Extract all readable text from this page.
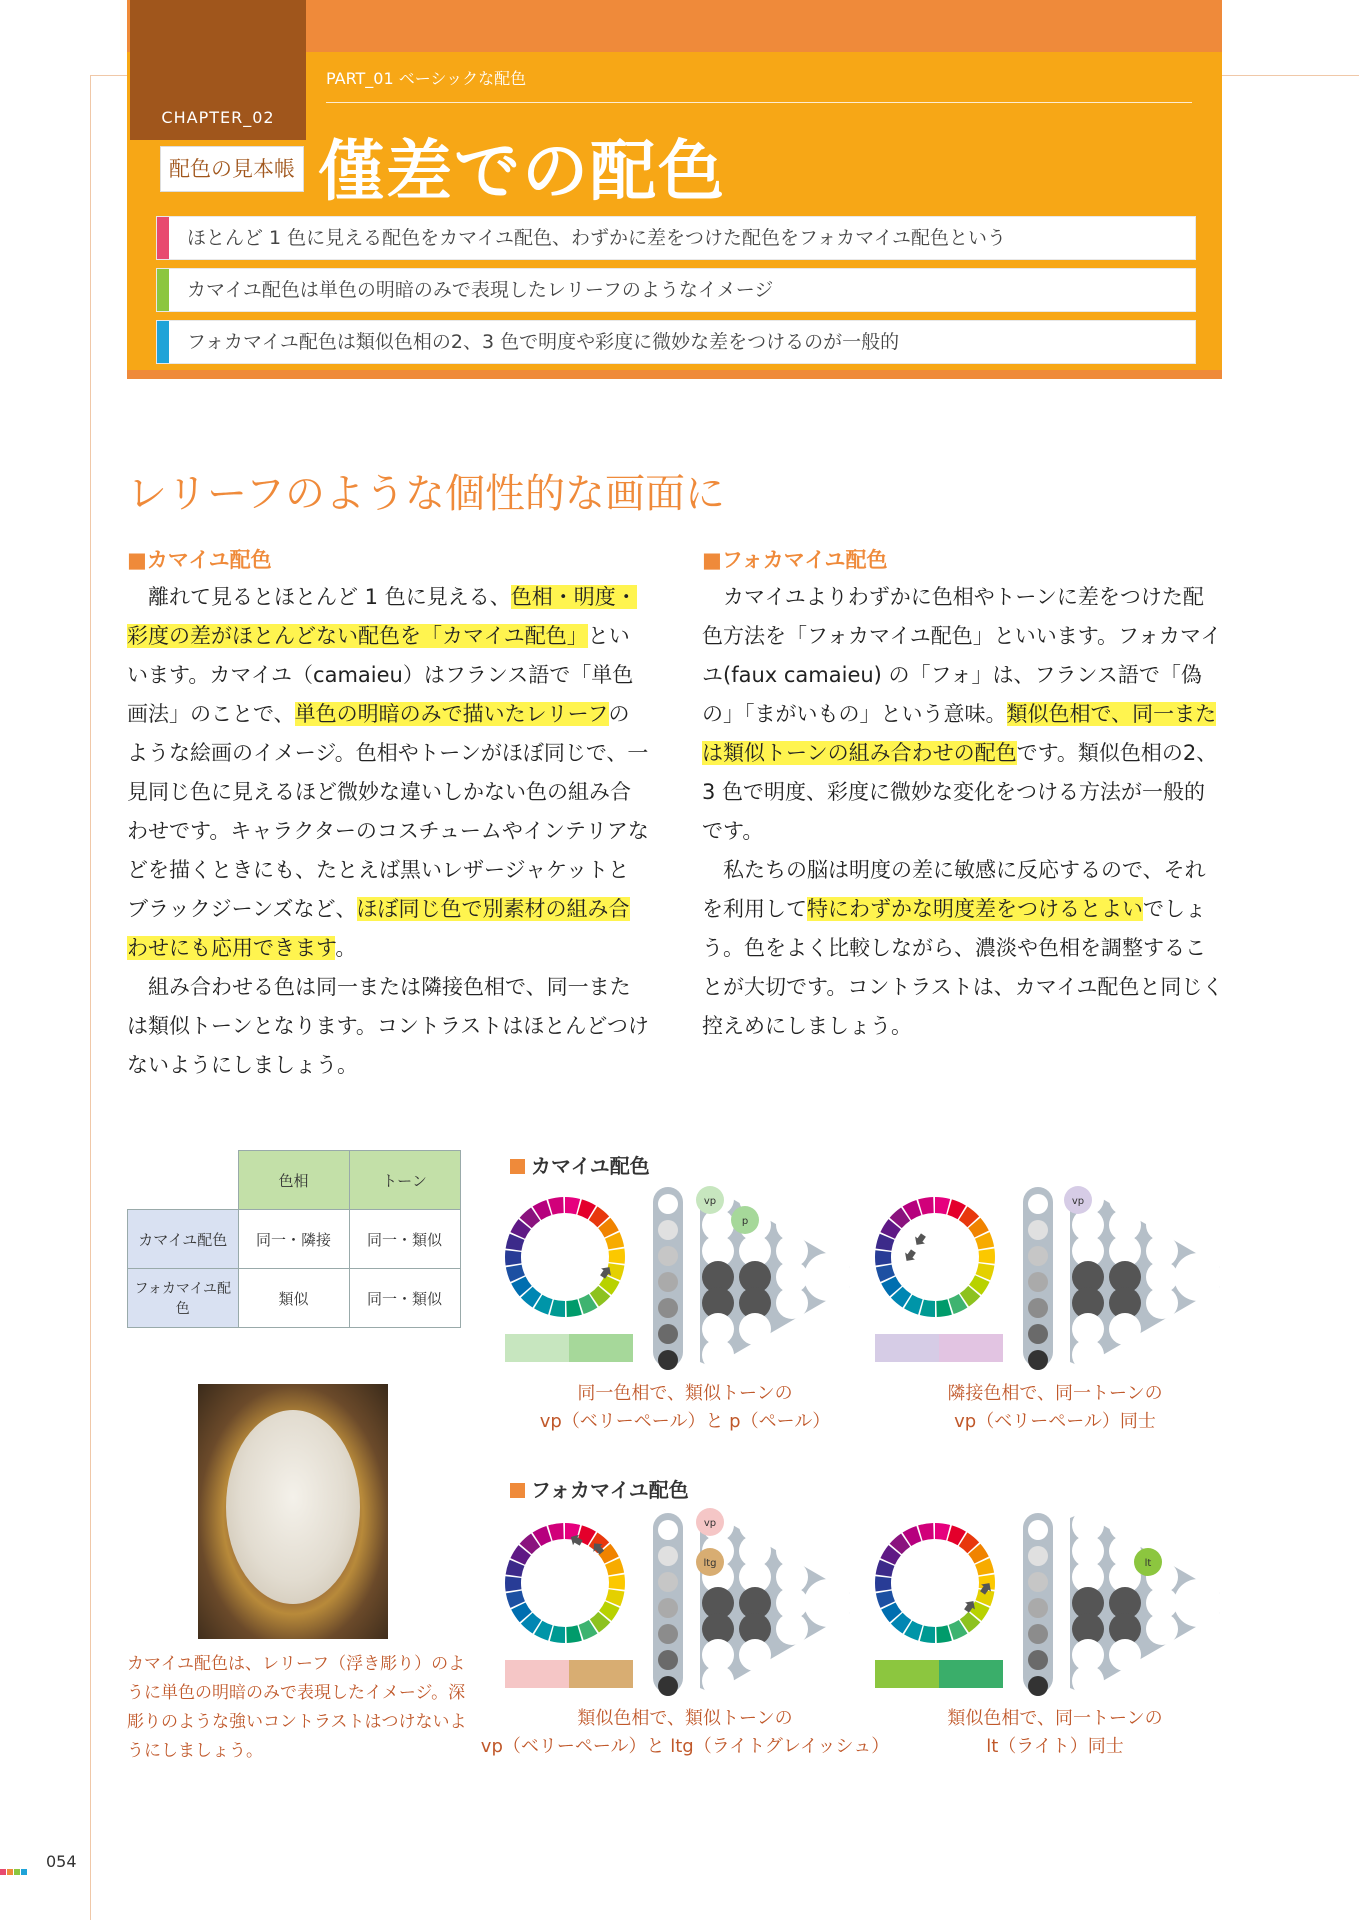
CHAPTER_02
配色の見本帳
PART_01 ベーシックな配色
僅差での配色
ほとんど 1 色に見える配色をカマイユ配色、わずかに差をつけた配色をフォカマイユ配色という
カマイユ配色は単色の明暗のみで表現したレリーフのようなイメージ
フォカマイユ配色は類似色相の2、3 色で明度や彩度に微妙な差をつけるのが一般的
レリーフのような個性的な画面に
■カマイユ配色

離れて見るとほとんど 1 色に見える、色相・明度・彩度の差がほとんどない配色を「カマイユ配色」といいます。カマイユ（camaieu）はフランス語で「単色画法」のことで、単色の明暗のみで描いたレリーフのような絵画のイメージ。色相やトーンがほぼ同じで、一見同じ色に見えるほど微妙な違いしかない色の組み合わせです。キャラクターのコスチュームやインテリアなどを描くときにも、たとえば黒いレザージャケットとブラックジーンズなど、ほぼ同じ色で別素材の組み合わせにも応用できます。

組み合わせる色は同一または隣接色相で、同一または類似トーンとなります。コントラストはほとんどつけないようにしましょう。

■フォカマイユ配色

カマイユよりわずかに色相やトーンに差をつけた配色方法を「フォカマイユ配色」といいます。フォカマイユ(faux camaieu) の「フォ」は、フランス語で「偽の」「まがいもの」という意味。類似色相で、同一または類似トーンの組み合わせの配色です。類似色相の2、3 色で明度、彩度に微妙な変化をつける方法が一般的です。

私たちの脳は明度の差に敏感に反応するので、それを利用して特にわずかな明度差をつけるとよいでしょう。色をよく比較しながら、濃淡や色相を調整することが大切です。コントラストは、カマイユ配色と同じく控えめにしましょう。

	色相	トーン
カマイユ配色	同一・隣接	同一・類似
フォカマイユ配色	類似	同一・類似
カマイユ配色は、レリーフ（浮き彫り）のように単色の明暗のみで表現したイメージ。深彫りのような強いコントラストはつけないようにしましょう。
カマイユ配色
フォカマイユ配色
vp
p
vp
vp
ltg	lt
同一色相で、類似トーンの
vp（ベリーペール）と p（ペール）
隣接色相で、同一トーンの
vp（ベリーペール）同士
類似色相で、類似トーンの
vp（ベリーペール）と ltg（ライトグレイッシュ）
類似色相で、同一トーンの
lt（ライト）同士
054
